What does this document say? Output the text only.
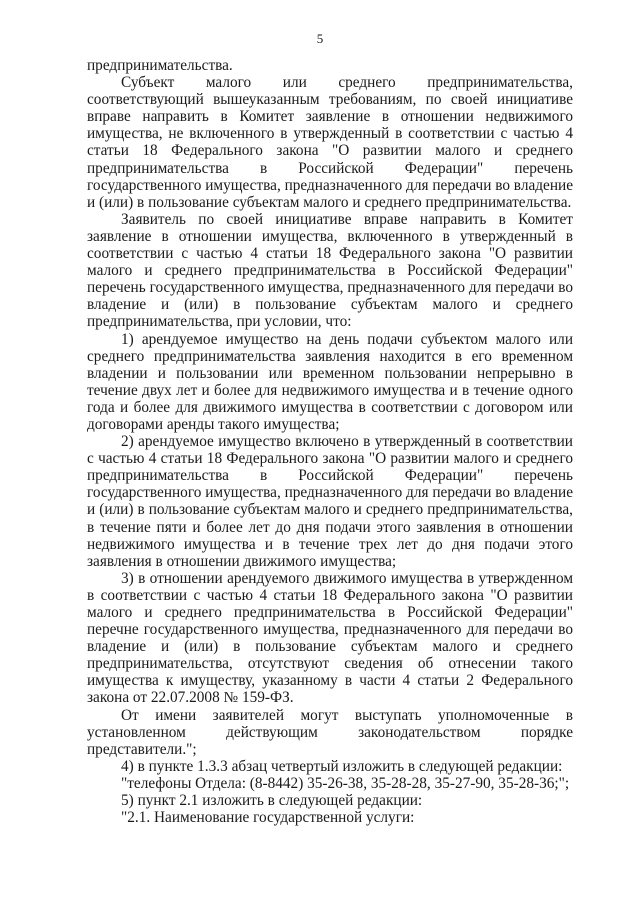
5

предпринимательства.

Субъект малого или среднего предпринимательства, соответствующий вышеуказанным требованиям, по своей инициативе вправе направить в Комитет заявление в отношении недвижимого имущества, не включенного в утвержденный в соответствии с частью 4 статьи 18 Федерального закона "О развитии малого и среднего предпринимательства в Российской Федерации" перечень государственного имущества, предназначенного для передачи во владение и (или) в пользование субъектам малого и среднего предпринимательства.

Заявитель по своей инициативе вправе направить в Комитет заявление в отношении имущества, включенного в утвержденный в соответствии с частью 4 статьи 18 Федерального закона "О развитии малого и среднего предпринимательства в Российской Федерации" перечень государственного имущества, предназначенного для передачи во владение и (или) в пользование субъектам малого и среднего предпринимательства, при условии, что:

1) арендуемое имущество на день подачи субъектом малого или среднего предпринимательства заявления находится в его временном владении и пользовании или временном пользовании непрерывно в течение двух лет и более для недвижимого имущества и в течение одного года и более для движимого имущества в соответствии с договором или договорами аренды такого имущества;

2) арендуемое имущество включено в утвержденный в соответствии с частью 4 статьи 18 Федерального закона "О развитии малого и среднего предпринимательства в Российской Федерации" перечень государственного имущества, предназначенного для передачи во владение и (или) в пользование субъектам малого и среднего предпринимательства, в течение пяти и более лет до дня подачи этого заявления в отношении недвижимого имущества и в течение трех лет до дня подачи этого заявления в отношении движимого имущества;

3) в отношении арендуемого движимого имущества в утвержденном в соответствии с частью 4 статьи 18 Федерального закона "О развитии малого и среднего предпринимательства в Российской Федерации" перечне государственного имущества, предназначенного для передачи во владение и (или) в пользование субъектам малого и среднего предпринимательства, отсутствуют сведения об отнесении такого имущества к имуществу, указанному в части 4 статьи 2 Федерального закона от 22.07.2008 № 159-ФЗ.

От имени заявителей могут выступать уполномоченные в установленном действующим законодательством порядке представители.";

4) в пункте 1.3.3 абзац четвертый изложить в следующей редакции:

"телефоны Отдела: (8-8442) 35-26-38, 35-28-28, 35-27-90, 35-28-36;";

5) пункт 2.1 изложить в следующей редакции:

"2.1. Наименование государственной услуги:
